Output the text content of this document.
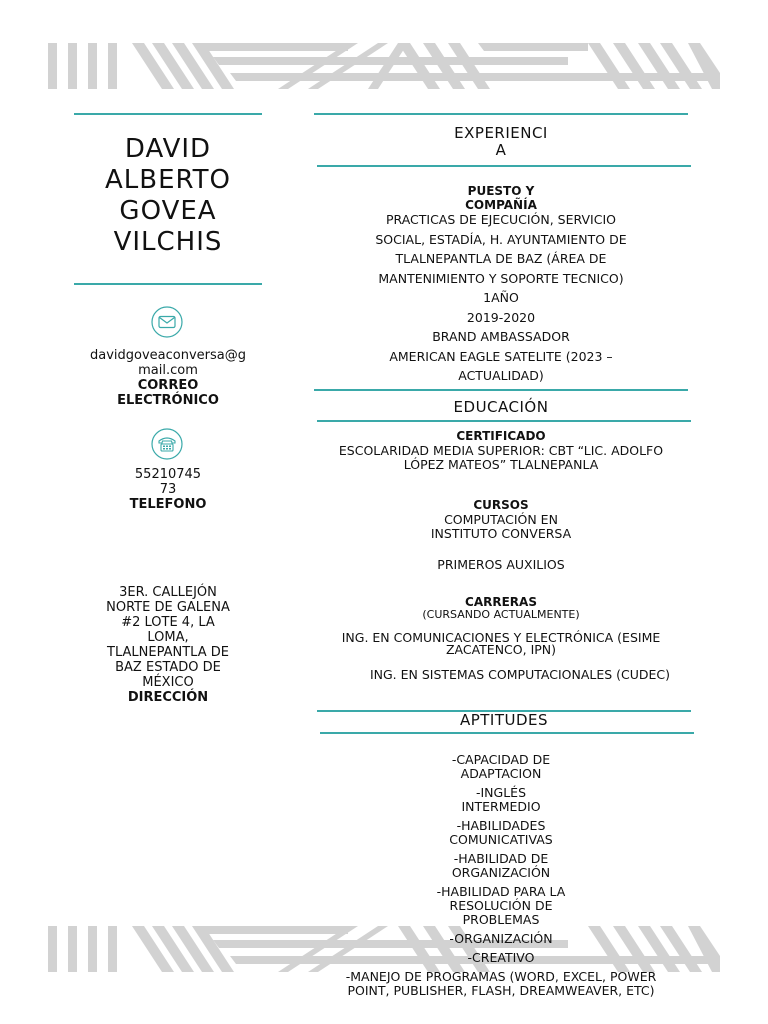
DAVID
ALBERTO
GOVEA
VILCHIS
davidgoveaconversa@g
mail.com
CORREO
ELECTRÓNICO
55210745
73
TELEFONO
3ER. CALLEJÓN
NORTE DE GALENA
#2 LOTE 4, LA
LOMA,
TLALNEPANTLA DE
BAZ ESTADO DE
MÉXICO
DIRECCIÓN
EXPERIENCI
A
PUESTO Y
COMPAÑÍA
PRACTICAS DE EJECUCIÓN, SERVICIO
SOCIAL, ESTADÍA, H. AYUNTAMIENTO DE
TLALNEPANTLA DE BAZ (ÁREA DE
MANTENIMIENTO Y SOPORTE TECNICO)
1AÑO
2019-2020
BRAND AMBASSADOR
AMERICAN EAGLE SATELITE (2023 –
ACTUALIDAD)
EDUCACIÓN
CERTIFICADO
ESCOLARIDAD MEDIA SUPERIOR: CBT “LIC. ADOLFO
LÓPEZ MATEOS” TLALNEPANLA
CURSOS
COMPUTACIÓN EN
INSTITUTO CONVERSA
PRIMEROS AUXILIOS
CARRERAS
(CURSANDO ACTUALMENTE)
ING. EN COMUNICACIONES Y ELECTRÓNICA (ESIME
ZACATENCO, IPN)
ING. EN SISTEMAS COMPUTACIONALES (CUDEC)
APTITUDES
-CAPACIDAD DE
ADAPTACION
-INGLÉS
INTERMEDIO
-HABILIDADES
COMUNICATIVAS
-HABILIDAD DE
ORGANIZACIÓN
-HABILIDAD PARA LA
RESOLUCIÓN DE
PROBLEMAS
-ORGANIZACIÓN
-CREATIVO
-MANEJO DE PROGRAMAS (WORD, EXCEL, POWER
POINT, PUBLISHER, FLASH, DREAMWEAVER, ETC)
